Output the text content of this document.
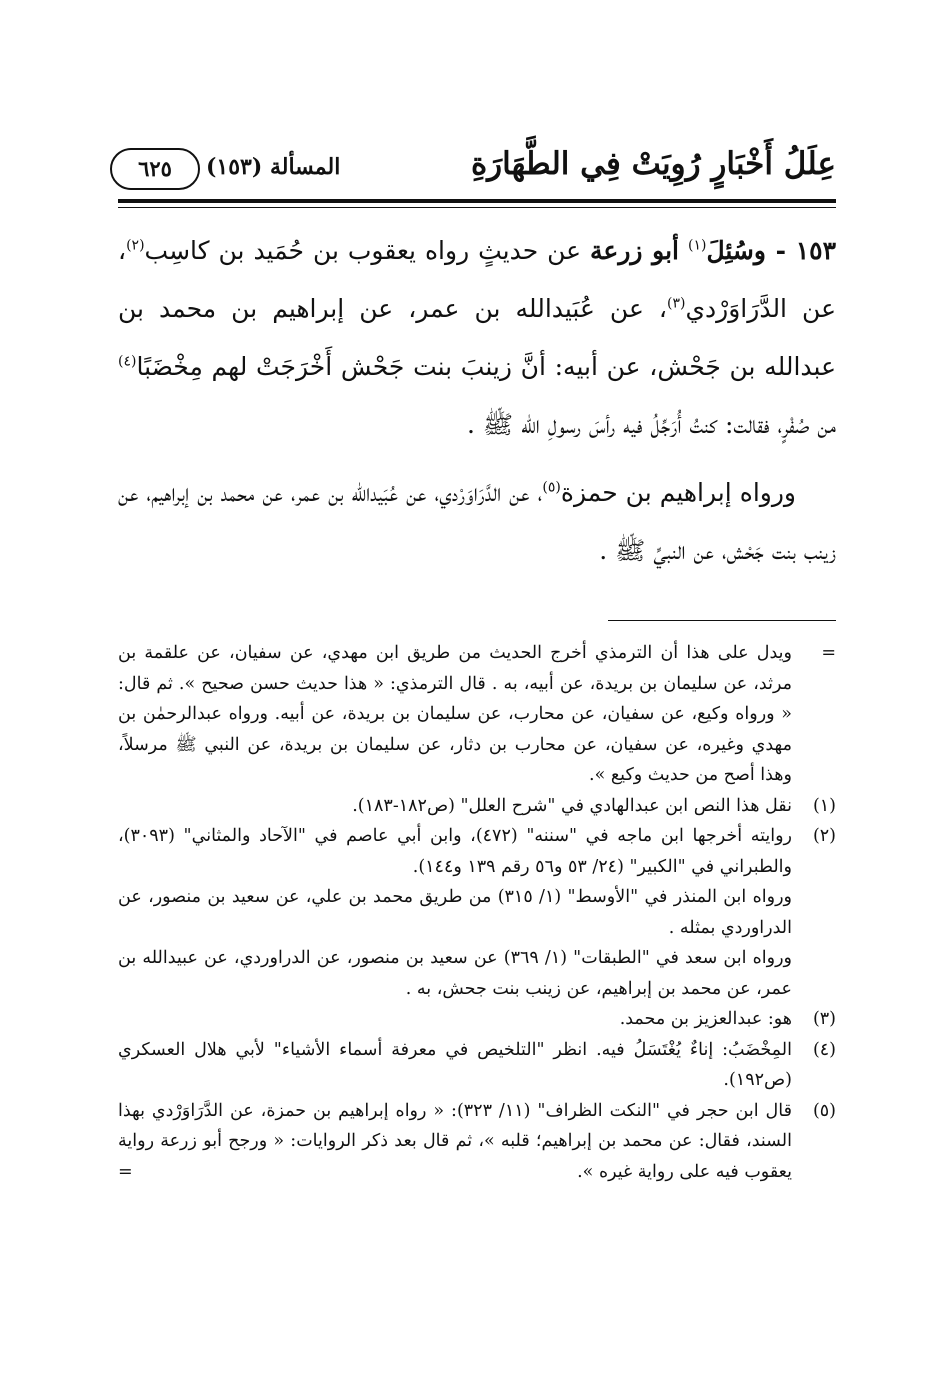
عِلَلُ أَخْبَارٍ رُوِيَتْ فِي الطَّهَارَةِ
المسألة (١٥٣)
٦٢٥

١٥٣ - وسُئِلَ$^{(١)}$ أبو زرعة عن حديثٍ رواه يعقوب بن حُمَيد بن كاسِب$^{(٢)}$، عن الدَّرَاوَرْدي$^{(٣)}$، عن عُبَيدالله بن عمر، عن إبراهيم بن محمد بن عبدالله بن جَحْش، عن أبيه: أنَّ زينبَ بنت جَحْش أَخْرَجَتْ لهم مِخْضَبًا$^{(٤)}$ من صُفْرٍ، فقالت: كنتُ أُرَجِّلُ فيه رأسَ رسولِ الله ﷺ .

ورواه إبراهيم بن حمزة$^{(٥)}$، عن الدَّرَاوَرْدي، عن عُبَيدالله بن عمر، عن محمد بن إبراهيم، عن زينب بنت جَحْش، عن النبيِّ ﷺ .

=
ويدل على هذا أن الترمذي أخرج الحديث من طريق ابن مهدي، عن سفيان، عن علقمة بن مرثد، عن سليمان بن بريدة، عن أبيه، به . قال الترمذي: « هذا حديث حسن صحيح ». ثم قال: « ورواه وكيع، عن سفيان، عن محارب، عن سليمان بن بريدة، عن أبيه. ورواه عبدالرحمٰن بن مهدي وغيره، عن سفيان، عن محارب بن دثار، عن سليمان بن بريدة، عن النبي ﷺ مرسلاً، وهذا أصح من حديث وكيع ».
(١)
نقل هذا النص ابن عبدالهادي في "شرح العلل" (ص١٨٢-١٨٣).
(٢)
روايته أخرجها ابن ماجه في "سننه" (٤٧٢)، وابن أبي عاصم في "الآحاد والمثاني" (٣٠٩٣)، والطبراني في "الكبير" (٢٤/ ٥٣ و٥٦ رقم ١٣٩ و١٤٤).
ورواه ابن المنذر في "الأوسط" (١/ ٣١٥) من طريق محمد بن علي، عن سعيد بن منصور، عن الدراوردي بمثله .
ورواه ابن سعد في "الطبقات" (١/ ٣٦٩) عن سعيد بن منصور، عن الدراوردي، عن عبيدالله بن عمر، عن محمد بن إبراهيم، عن زينب بنت جحش، به .
(٣)
هو: عبدالعزيز بن محمد.
(٤)
المِخْضَبُ: إناءٌ يُغْتَسَلُ فيه. انظر "التلخيص في معرفة أسماء الأشياء" لأبي هلال العسكري (ص١٩٢).
(٥)
قال ابن حجر في "النكت الظراف" (١١/ ٣٢٣): « رواه إبراهيم بن حمزة، عن الدَّرَاوَرْدي بهذا السند، فقال: عن محمد بن إبراهيم؛ قلبه »، ثم قال بعد ذكر الروايات: « ورجح أبو زرعة رواية يعقوب فيه على رواية غيره ».
=
